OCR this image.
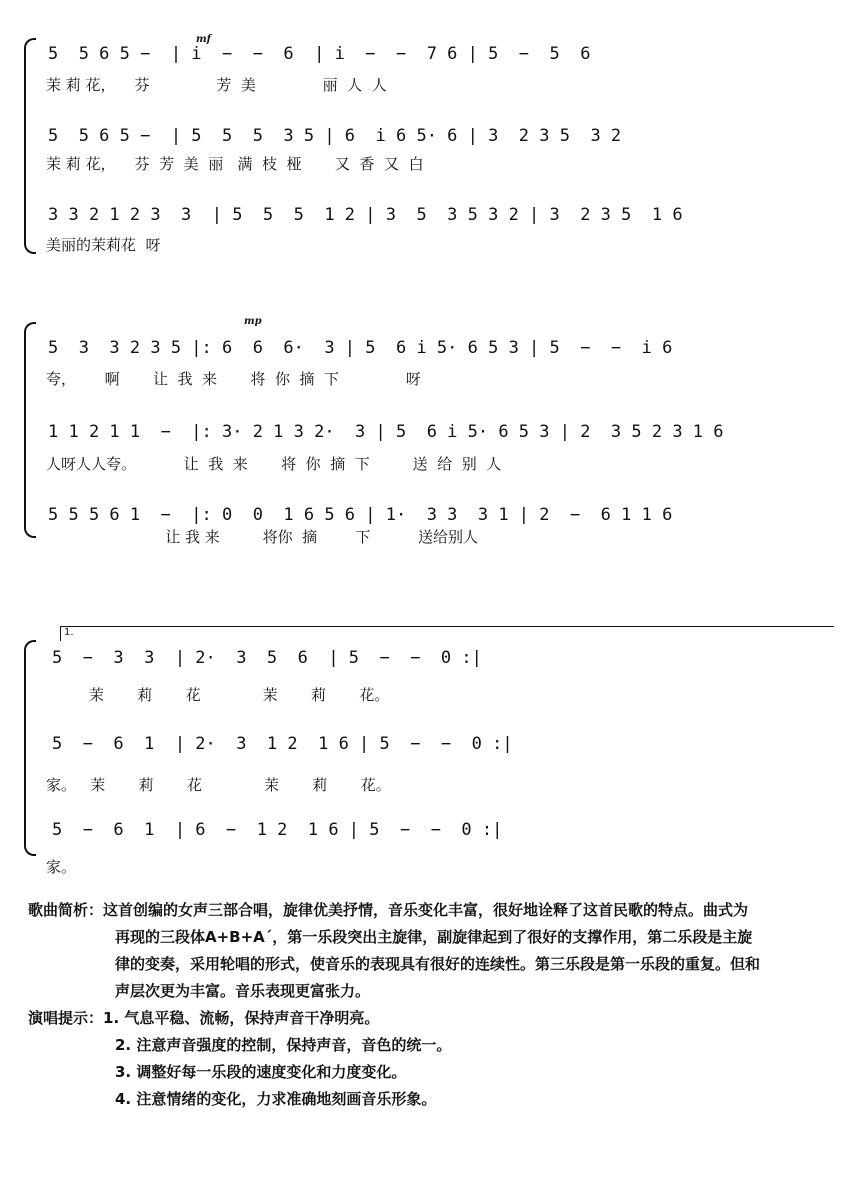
mf
5  5 6 5 −  | i  −  −  6  | i  −  −  7 6 | 5  −  5  6
茉 莉 花，    芬              芳  美              丽  人  人
5  5 6 5 −  | 5  5  5  3 5 | 6  i 6 5· 6 | 3  2 3 5  3 2
茉 莉 花，    芬  芳  美  丽   满  枝  桠       又  香  又  白
3 3 2 1 2 3  3  | 5  5  5  1 2 | 3  5  3 5 3 2 | 3  2 3 5  1 6
美丽的茉莉花  呀
mp
5  3  3 2 3 5 |: 6  6  6·  3 | 5  6 i 5· 6 5 3 | 5  −  −  i 6
夸，      啊       让  我  来       将  你  摘  下              呀
1 1 2 1 1  −  |: 3· 2 1 3 2·  3 | 5  6 i 5· 6 5 3 | 2  3 5 2 3 1 6
人呀人人夸。          让  我  来       将  你  摘  下         送  给  别  人
5 5 5 6 1  −  |: 0  0  1 6 5 6 | 1·  3 3  3 1 | 2  −  6 1 1 6
让 我 来         将你  摘        下          送给别人
1.
5  −  3  3  | 2·  3  5  6  | 5  −  −  0 :|
茉       莉       花             茉       莉       花。
5  −  6  1  | 2·  3  1 2  1 6 | 5  −  −  0 :|
家。   茉       莉       花             茉       莉       花。
5  −  6  1  | 6  −  1 2  1 6 | 5  −  −  0 :|
家。
歌曲简析： 这首创编的女声三部合唱，旋律优美抒情，音乐变化丰富，很好地诠释了这首民歌的特点。曲式为
再现的三段体A+B+A´，第一乐段突出主旋律，副旋律起到了很好的支撑作用，第二乐段是主旋
律的变奏，采用轮唱的形式，使音乐的表现具有很好的连续性。第三乐段是第一乐段的重复。但和
声层次更为丰富。音乐表现更富张力。
演唱提示： 1. 气息平稳、流畅，保持声音干净明亮。
2. 注意声音强度的控制，保持声音，音色的统一。
3. 调整好每一乐段的速度变化和力度变化。
4. 注意情绪的变化，力求准确地刻画音乐形象。
